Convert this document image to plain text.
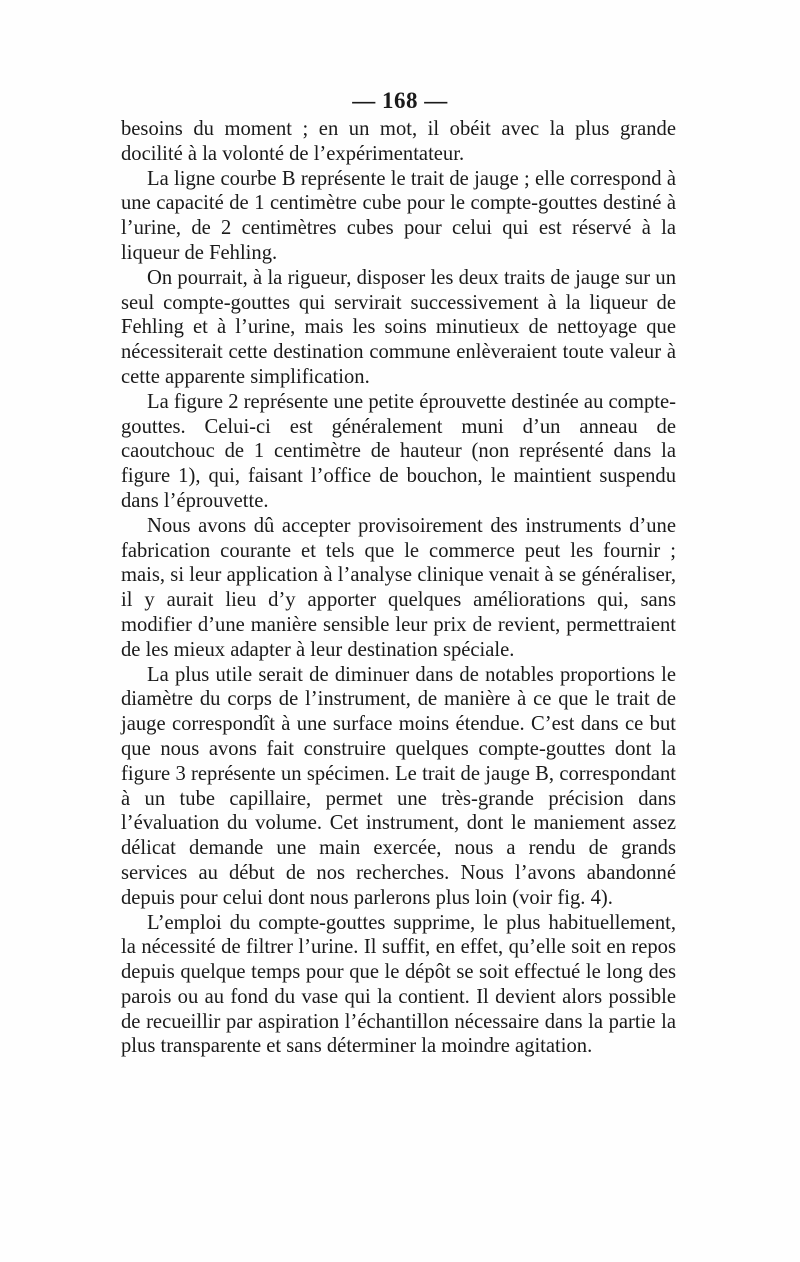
— 168 —

besoins du moment ; en un mot, il obéit avec la plus grande docilité à la volonté de l’expérimentateur.

La ligne courbe B représente le trait de jauge ; elle correspond à une capacité de 1 centimètre cube pour le compte-gouttes destiné à l’urine, de 2 centimètres cubes pour celui qui est réservé à la liqueur de Fehling.

On pourrait, à la rigueur, disposer les deux traits de jauge sur un seul compte-gouttes qui servirait successivement à la liqueur de Fehling et à l’urine, mais les soins minutieux de nettoyage que nécessiterait cette destination commune enlèveraient toute valeur à cette apparente simplification.

La figure 2 représente une petite éprouvette destinée au compte-gouttes. Celui-ci est généralement muni d’un anneau de caoutchouc de 1 centimètre de hauteur (non représenté dans la figure 1), qui, faisant l’office de bouchon, le maintient suspendu dans l’éprouvette.

Nous avons dû accepter provisoirement des instruments d’une fabrication courante et tels que le commerce peut les fournir ; mais, si leur application à l’analyse clinique venait à se généraliser, il y aurait lieu d’y apporter quelques améliorations qui, sans modifier d’une manière sensible leur prix de revient, permettraient de les mieux adapter à leur destination spéciale.

La plus utile serait de diminuer dans de notables proportions le diamètre du corps de l’instrument, de manière à ce que le trait de jauge correspondît à une surface moins étendue. C’est dans ce but que nous avons fait construire quelques compte-gouttes dont la figure 3 représente un spécimen. Le trait de jauge B, correspondant à un tube capillaire, permet une très-grande précision dans l’évaluation du volume. Cet instrument, dont le maniement assez délicat demande une main exercée, nous a rendu de grands services au début de nos recherches. Nous l’avons abandonné depuis pour celui dont nous parlerons plus loin (voir fig. 4).

L’emploi du compte-gouttes supprime, le plus habituellement, la nécessité de filtrer l’urine. Il suffit, en effet, qu’elle soit en repos depuis quelque temps pour que le dépôt se soit effectué le long des parois ou au fond du vase qui la contient. Il devient alors possible de recueillir par aspiration l’échantillon nécessaire dans la partie la plus transparente et sans déterminer la moindre agitation.
